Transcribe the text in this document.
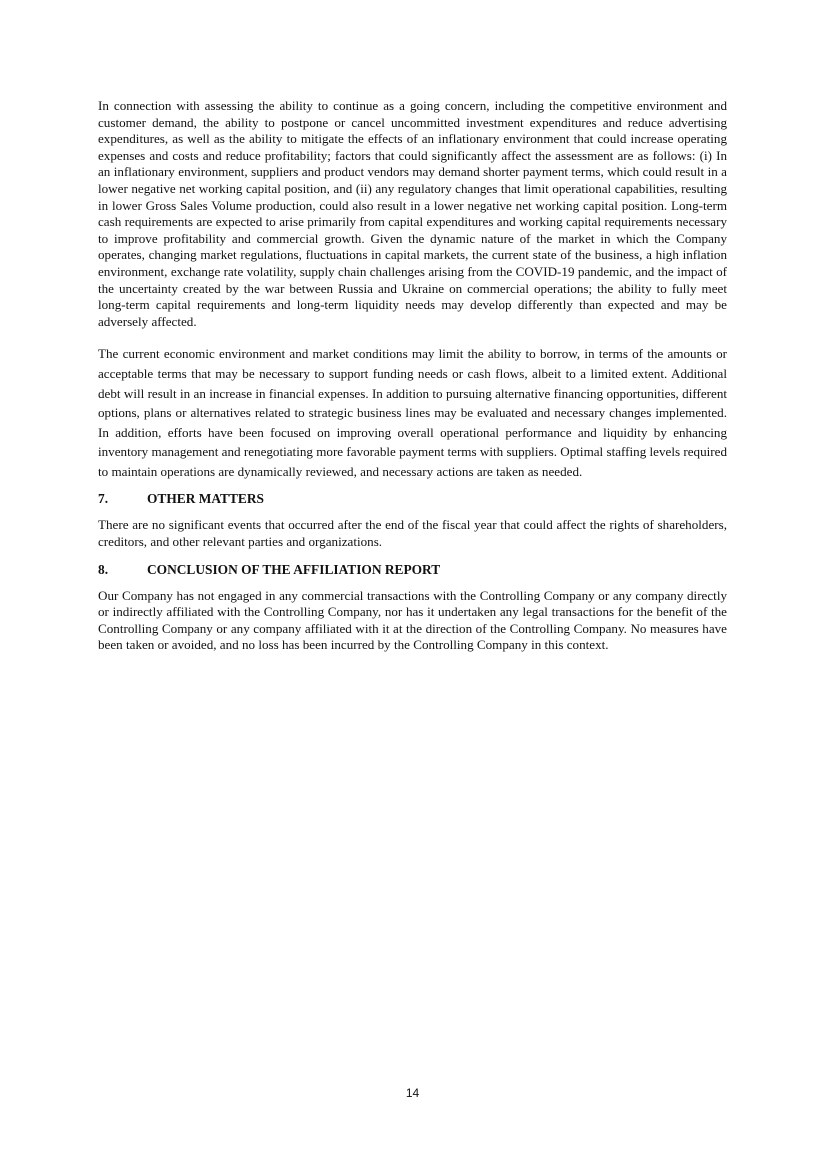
In connection with assessing the ability to continue as a going concern, including the competitive environment and customer demand, the ability to postpone or cancel uncommitted investment expenditures and reduce advertising expenditures, as well as the ability to mitigate the effects of an inflationary environment that could increase operating expenses and costs and reduce profitability; factors that could significantly affect the assessment are as follows: (i) In an inflationary environment, suppliers and product vendors may demand shorter payment terms, which could result in a lower negative net working capital position, and (ii) any regulatory changes that limit operational capabilities, resulting in lower Gross Sales Volume production, could also result in a lower negative net working capital position. Long-term cash requirements are expected to arise primarily from capital expenditures and working capital requirements necessary to improve profitability and commercial growth. Given the dynamic nature of the market in which the Company operates, changing market regulations, fluctuations in capital markets, the current state of the business, a high inflation environment, exchange rate volatility, supply chain challenges arising from the COVID-19 pandemic, and the impact of the uncertainty created by the war between Russia and Ukraine on commercial operations; the ability to fully meet long-term capital requirements and long-term liquidity needs may develop differently than expected and may be adversely affected.

The current economic environment and market conditions may limit the ability to borrow, in terms of the amounts or acceptable terms that may be necessary to support funding needs or cash flows, albeit to a limited extent. Additional debt will result in an increase in financial expenses. In addition to pursuing alternative financing opportunities, different options, plans or alternatives related to strategic business lines may be evaluated and necessary changes implemented. In addition, efforts have been focused on improving overall operational performance and liquidity by enhancing inventory management and renegotiating more favorable payment terms with suppliers. Optimal staffing levels required to maintain operations are dynamically reviewed, and necessary actions are taken as needed.

7.	OTHER MATTERS

There are no significant events that occurred after the end of the fiscal year that could affect the rights of shareholders, creditors, and other relevant parties and organizations.

8.	CONCLUSION OF THE AFFILIATION REPORT

Our Company has not engaged in any commercial transactions with the Controlling Company or any company directly or indirectly affiliated with the Controlling Company, nor has it undertaken any legal transactions for the benefit of the Controlling Company or any company affiliated with it at the direction of the Controlling Company. No measures have been taken or avoided, and no loss has been incurred by the Controlling Company in this context.

14
